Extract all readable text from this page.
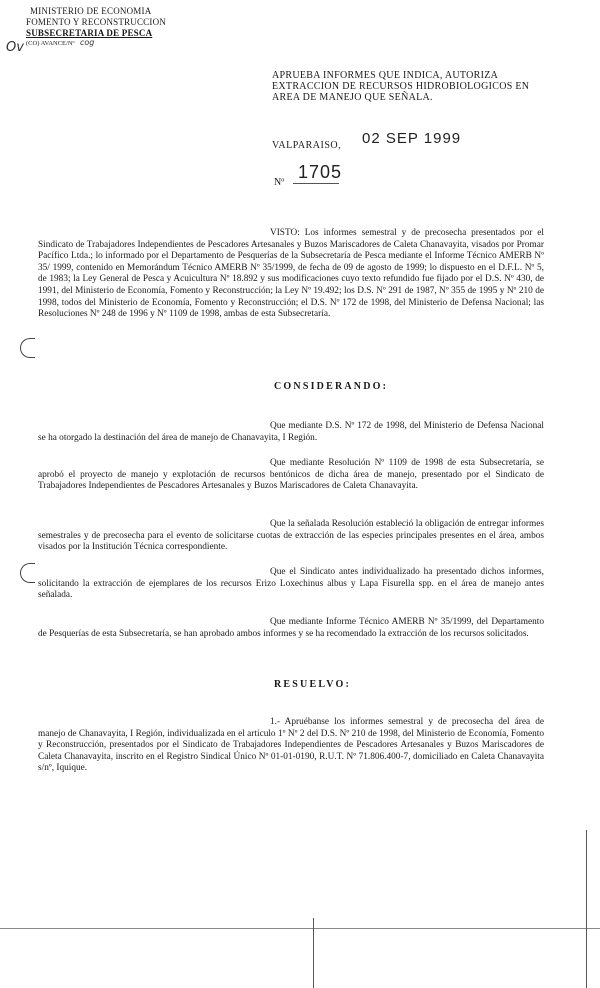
MINISTERIO DE ECONOMIA
FOMENTO Y RECONSTRUCCION
SUBSECRETARIA DE PESCA
(CO) AVANCE/Nº cog
Ov
APRUEBA INFORMES QUE INDICA, AUTORIZA EXTRACCION DE RECURSOS HIDROBIOLOGICOS EN AREA DE MANEJO QUE SEÑALA.
VALPARAISO, 02 SEP 1999
Nº
1705
VISTO: Los informes semestral y de precosecha presentados por el Sindicato de Trabajadores Independientes de Pescadores Artesanales y Buzos Mariscadores de Caleta Chanavayita, visados por Promar Pacífico Ltda.; lo informado por el Departamento de Pesquerías de la Subsecretaría de Pesca mediante el Informe Técnico AMERB Nº 35/ 1999, contenido en Memorándum Técnico AMERB Nº 35/1999, de fecha de 09 de agosto de 1999; lo dispuesto en el D.F.L. Nº 5, de 1983; la Ley General de Pesca y Acuicultura Nº 18.892 y sus modificaciones cuyo texto refundido fue fijado por el D.S. Nº 430, de 1991, del Ministerio de Economía, Fomento y Reconstrucción; la Ley Nº 19.492; los D.S. Nº 291 de 1987, Nº 355 de 1995 y Nº 210 de 1998, todos del Ministerio de Economía, Fomento y Reconstrucción; el D.S. Nº 172 de 1998, del Ministerio de Defensa Nacional; las Resoluciones Nº 248 de 1996 y Nº 1109 de 1998, ambas de esta Subsecretaría.
CONSIDERANDO:
Que mediante D.S. Nº 172 de 1998, del Ministerio de Defensa Nacional se ha otorgado la destinación del área de manejo de Chanavayita, I Región.
Que mediante Resolución Nº 1109 de 1998 de esta Subsecretaría, se aprobó el proyecto de manejo y explotación de recursos bentónicos de dicha área de manejo, presentado por el Sindicato de Trabajadores Independientes de Pescadores Artesanales y Buzos Mariscadores de Caleta Chanavayita.
Que la señalada Resolución estableció la obligación de entregar informes semestrales y de precosecha para el evento de solicitarse cuotas de extracción de las especies principales presentes en el área, ambos visados por la Institución Técnica correspondiente.
Que el Sindicato antes individualizado ha presentado dichos informes, solicitando la extracción de ejemplares de los recursos Erizo Loxechinus albus y Lapa Fisurella spp. en el área de manejo antes señalada.
Que mediante Informe Técnico AMERB Nº 35/1999, del Departamento de Pesquerías de esta Subsecretaría, se han aprobado ambos informes y se ha recomendado la extracción de los recursos solicitados.
RESUELVO:
1.- Apruébanse los informes semestral y de precosecha del área de manejo de Chanavayita, I Región, individualizada en el artículo 1º Nº 2 del D.S. Nº 210 de 1998, del Ministerio de Economía, Fomento y Reconstrucción, presentados por el Sindicato de Trabajadores Independientes de Pescadores Artesanales y Buzos Mariscadores de Caleta Chanavayita, inscrito en el Registro Sindical Único Nº 01-01-0190, R.U.T. Nº 71.806.400-7, domiciliado en Caleta Chanavayita s/nº, Iquique.
